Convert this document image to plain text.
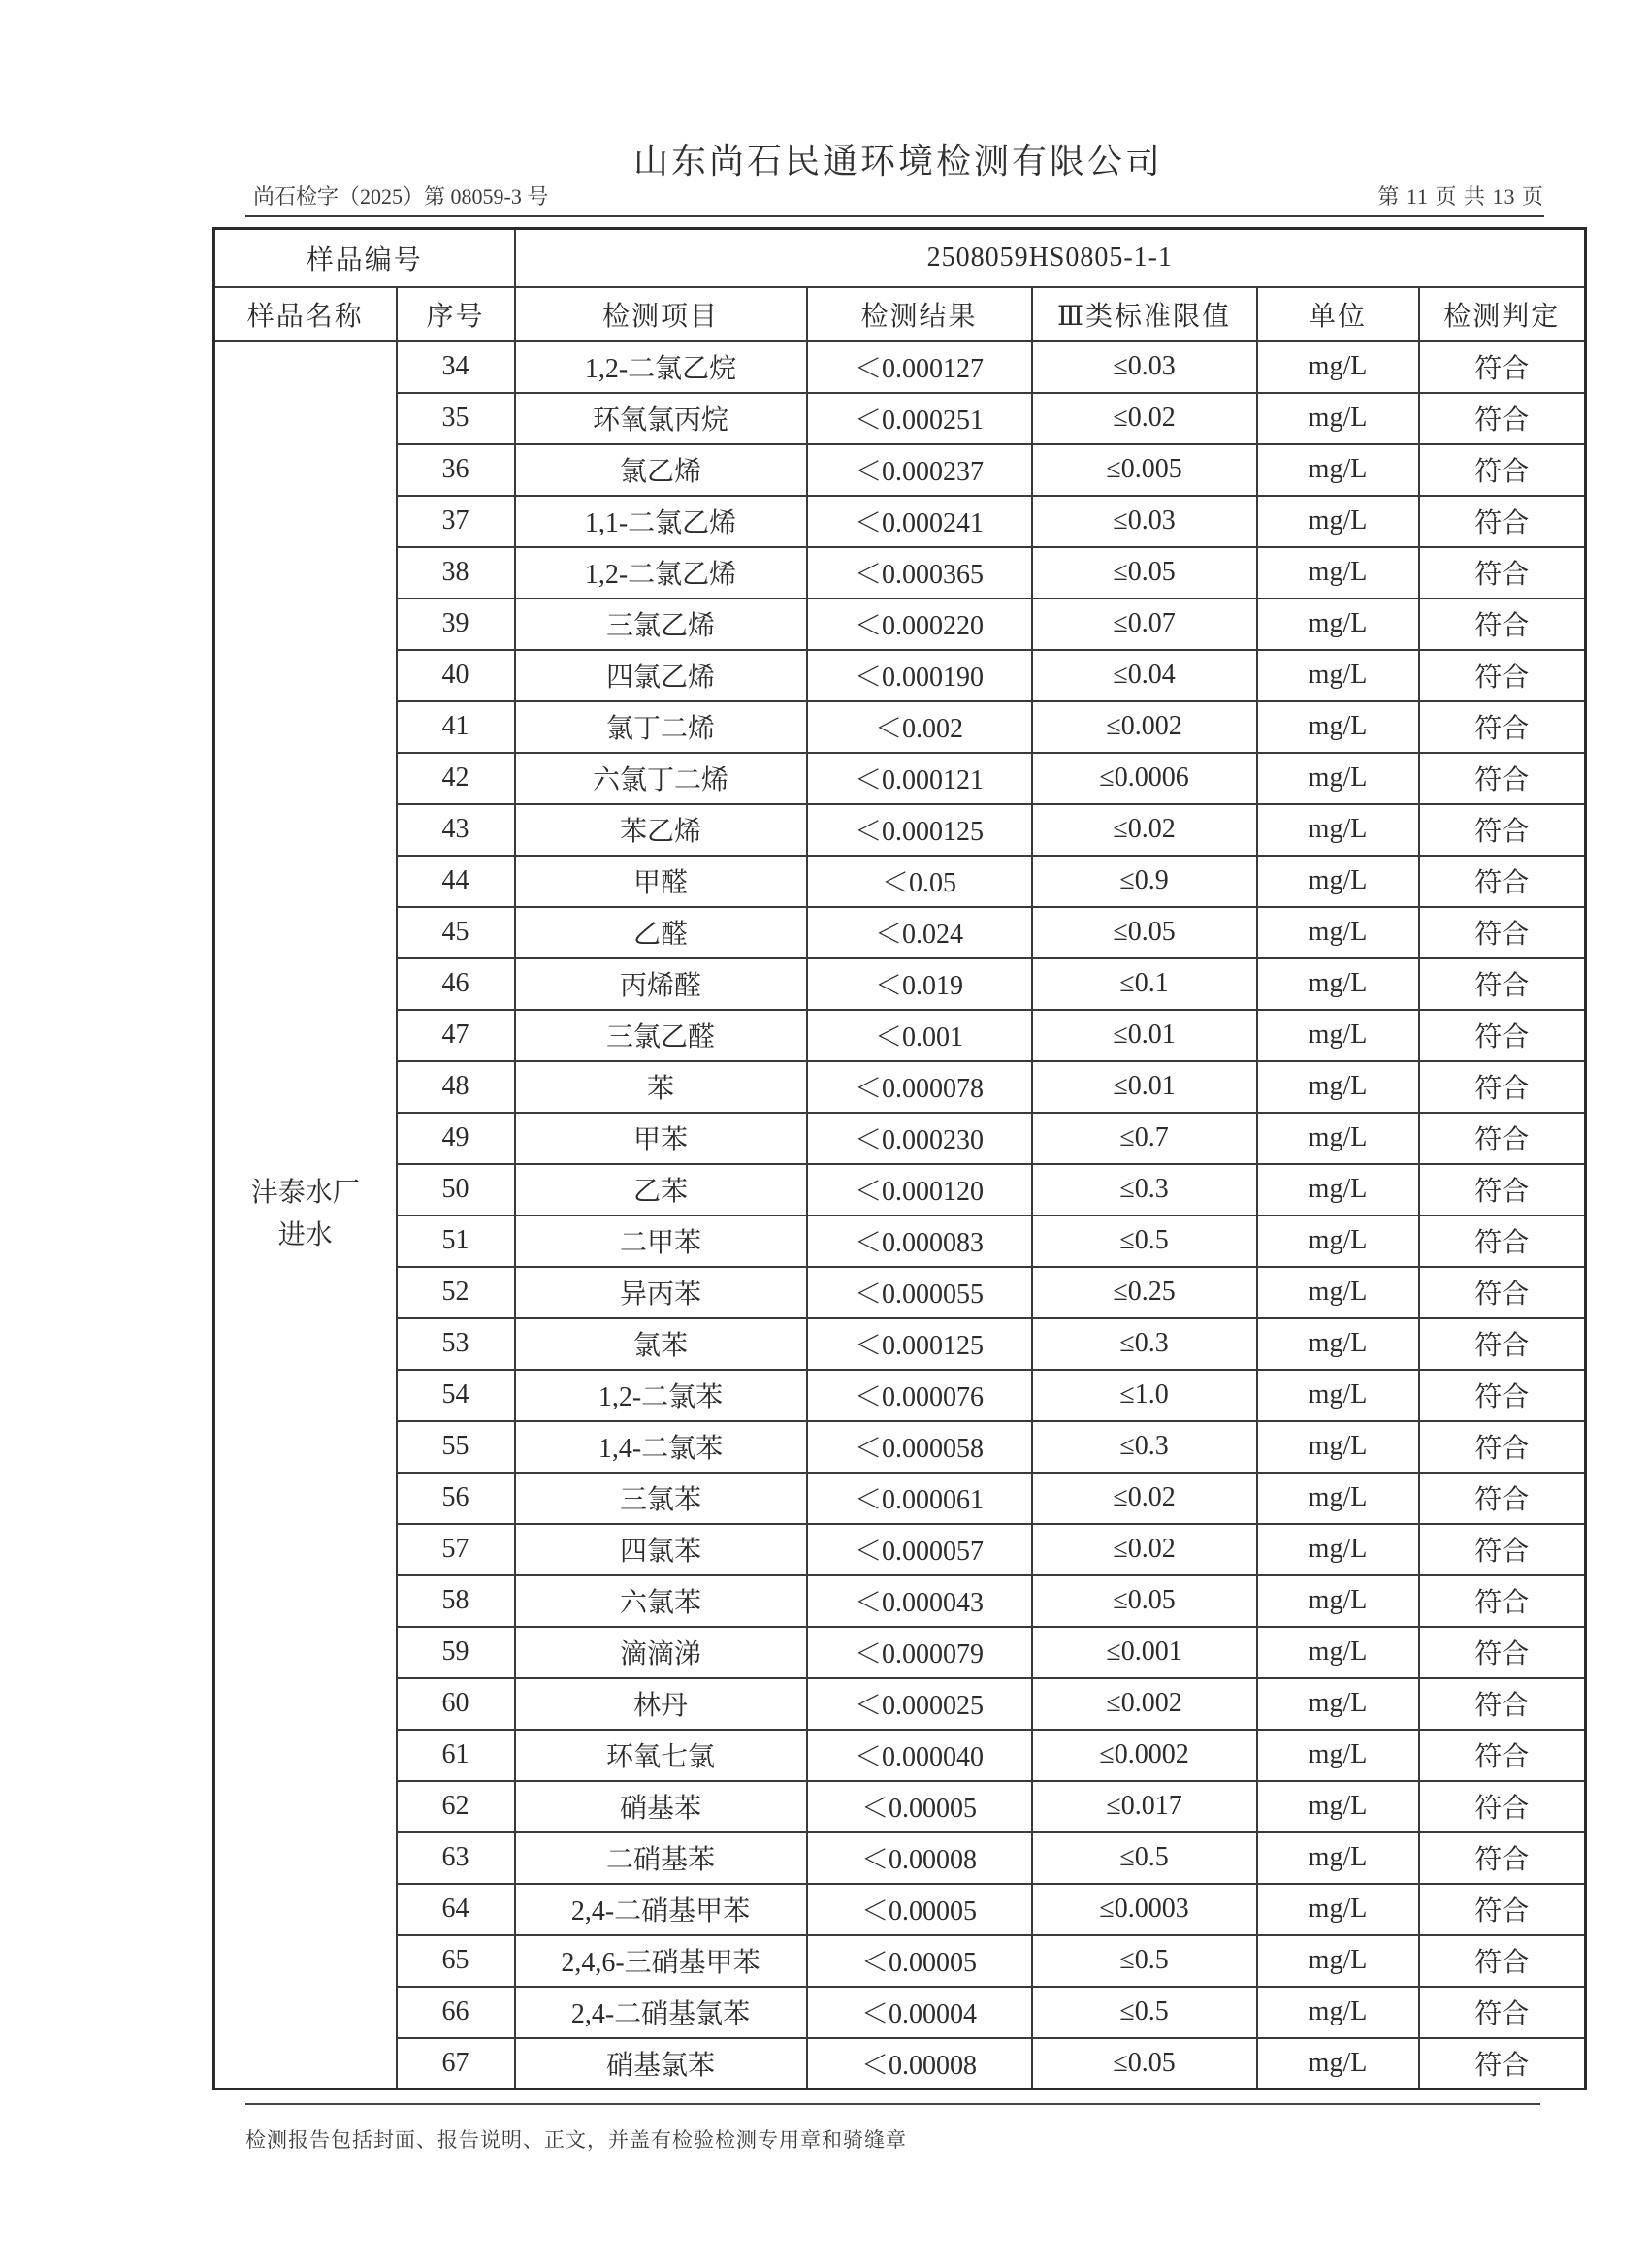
山东尚石民通环境检测有限公司
尚石检字（2025）第 08059-3 号	第 11 页 共 13 页
样品编号		2508059HS0805-1-1				
样品名称	序号	检测项目	检测结果	Ⅲ类标准限值	单位	检测判定

沣泰水厂
进水	34	1,2-二氯乙烷	＜0.000127	≤0.03	mg/L	符合
	35	环氧氯丙烷	＜0.000251	≤0.02	mg/L	符合
	36	氯乙烯	＜0.000237	≤0.005	mg/L	符合
	37	1,1-二氯乙烯	＜0.000241	≤0.03	mg/L	符合
	38	1,2-二氯乙烯	＜0.000365	≤0.05	mg/L	符合
	39	三氯乙烯	＜0.000220	≤0.07	mg/L	符合
	40	四氯乙烯	＜0.000190	≤0.04	mg/L	符合
	41	氯丁二烯	＜0.002	≤0.002	mg/L	符合
	42	六氯丁二烯	＜0.000121	≤0.0006	mg/L	符合
	43	苯乙烯	＜0.000125	≤0.02	mg/L	符合
	44	甲醛	＜0.05	≤0.9	mg/L	符合
	45	乙醛	＜0.024	≤0.05	mg/L	符合
	46	丙烯醛	＜0.019	≤0.1	mg/L	符合
	47	三氯乙醛	＜0.001	≤0.01	mg/L	符合
	48	苯	＜0.000078	≤0.01	mg/L	符合
	49	甲苯	＜0.000230	≤0.7	mg/L	符合
	50	乙苯	＜0.000120	≤0.3	mg/L	符合
	51	二甲苯	＜0.000083	≤0.5	mg/L	符合
	52	异丙苯	＜0.000055	≤0.25	mg/L	符合
	53	氯苯	＜0.000125	≤0.3	mg/L	符合
	54	1,2-二氯苯	＜0.000076	≤1.0	mg/L	符合
	55	1,4-二氯苯	＜0.000058	≤0.3	mg/L	符合
	56	三氯苯	＜0.000061	≤0.02	mg/L	符合
	57	四氯苯	＜0.000057	≤0.02	mg/L	符合
	58	六氯苯	＜0.000043	≤0.05	mg/L	符合
	59	滴滴涕	＜0.000079	≤0.001	mg/L	符合
	60	林丹	＜0.000025	≤0.002	mg/L	符合
	61	环氧七氯	＜0.000040	≤0.0002	mg/L	符合
	62	硝基苯	＜0.00005	≤0.017	mg/L	符合
	63	二硝基苯	＜0.00008	≤0.5	mg/L	符合
	64	2,4-二硝基甲苯	＜0.00005	≤0.0003	mg/L	符合
	65	2,4,6-三硝基甲苯	＜0.00005	≤0.5	mg/L	符合
	66	2,4-二硝基氯苯	＜0.00004	≤0.5	mg/L	符合
	67	硝基氯苯	＜0.00008	≤0.05	mg/L	符合
检测报告包括封面、报告说明、正文，并盖有检验检测专用章和骑缝章
